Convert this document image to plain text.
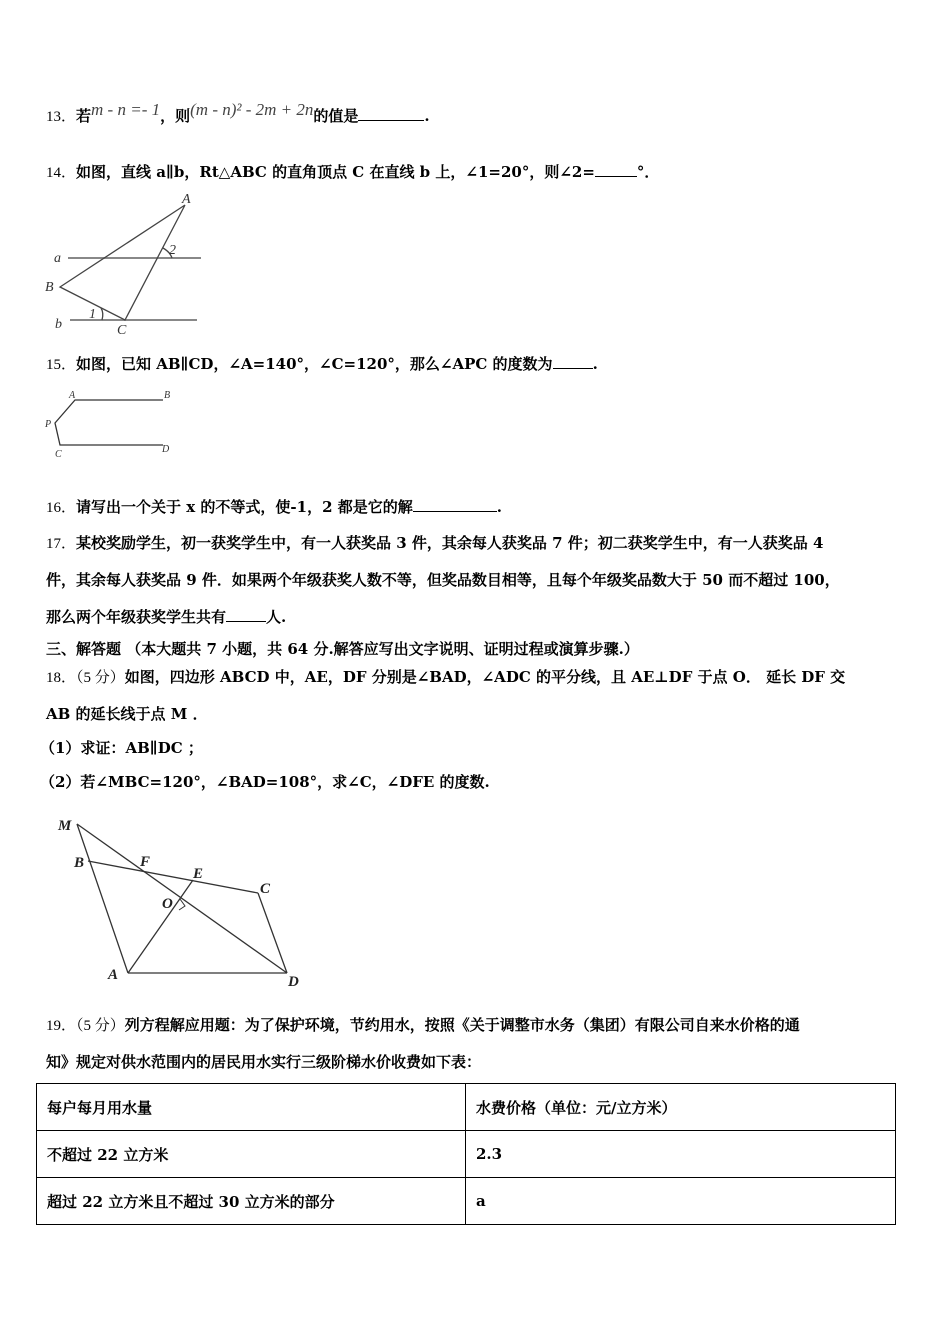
13．若m - n =- 1，则(m - n)² - 2m + 2n的值是	.
14．如图，直线 a∥b，Rt△ABC 的直角顶点 C 在直线 b 上，∠1=20°，则∠2=	°．
a
b
A
B
C
1
2
15．如图，已知 AB∥CD，∠A=140°，∠C=120°，那么∠APC 的度数为	.
A	B
P
C	D
16．请写出一个关于 x 的不等式，使-1，2 都是它的解	.
17．某校奖励学生，初一获奖学生中，有一人获奖品 3 件，其余每人获奖品 7 件；初二获奖学生中，有一人获奖品 4
件，其余每人获奖品 9 件．如果两个年级获奖人数不等，但奖品数目相等，且每个年级奖品数大于 50 而不超过 100，
那么两个年级获奖学生共有	人.
三、解答题 （本大题共 7 小题，共 64 分.解答应写出文字说明、证明过程或演算步骤.）
18．（5 分）如图，四边形 ABCD 中，AE，DF 分别是∠BAD，∠ADC 的平分线，且 AE⊥DF 于点 O． 延长 DF 交
AB 的延长线于点 M ．
（1）求证：AB∥DC ；
（2）若∠MBC=120°，∠BAD=108°，求∠C，∠DFE 的度数.
M
B	F
E
C
O
A	D
19．（5 分）列方程解应用题：为了保护环境，节约用水，按照《关于调整市水务（集团）有限公司自来水价格的通
知》规定对供水范围内的居民用水实行三级阶梯水价收费如下表：
每户每月用水量	水费价格（单位：元/立方米）
不超过 22 立方米	2.3
超过 22 立方米且不超过 30 立方米的部分	a
